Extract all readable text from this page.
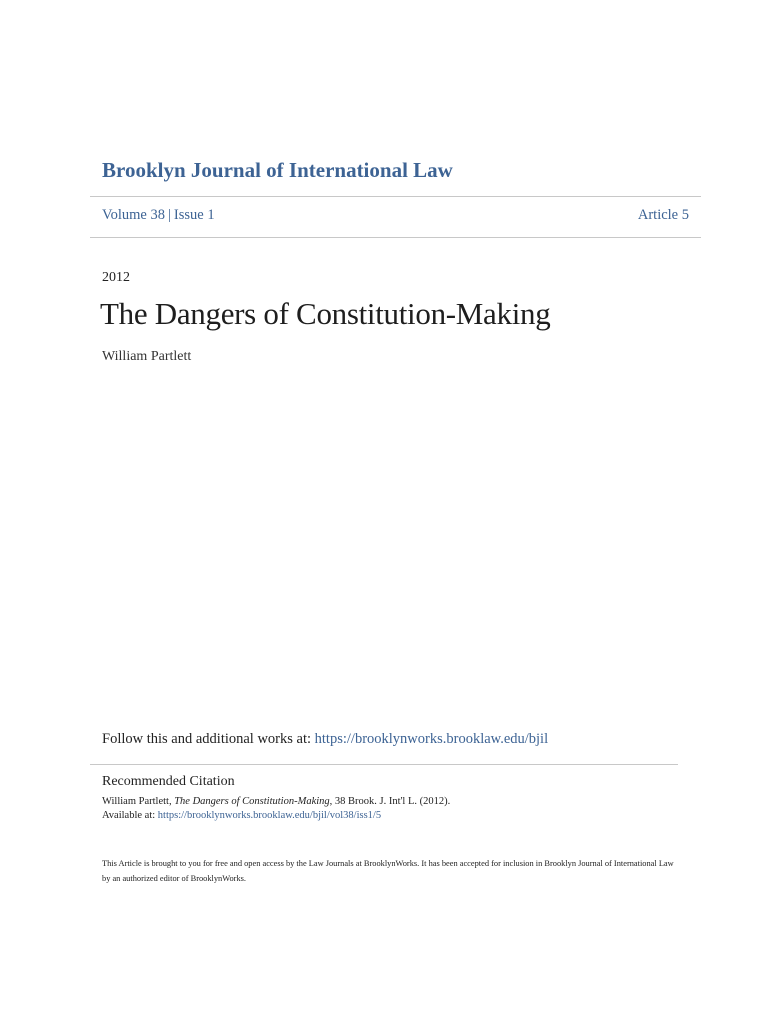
Brooklyn Journal of International Law
Volume 38 | Issue 1	Article 5
2012
The Dangers of Constitution-Making
William Partlett
Follow this and additional works at: https://brooklynworks.brooklaw.edu/bjil
Recommended Citation
William Partlett, The Dangers of Constitution-Making, 38 Brook. J. Int'l L. (2012).
Available at: https://brooklynworks.brooklaw.edu/bjil/vol38/iss1/5

This Article is brought to you for free and open access by the Law Journals at BrooklynWorks. It has been accepted for inclusion in Brooklyn Journal of International Law by an authorized editor of BrooklynWorks.
